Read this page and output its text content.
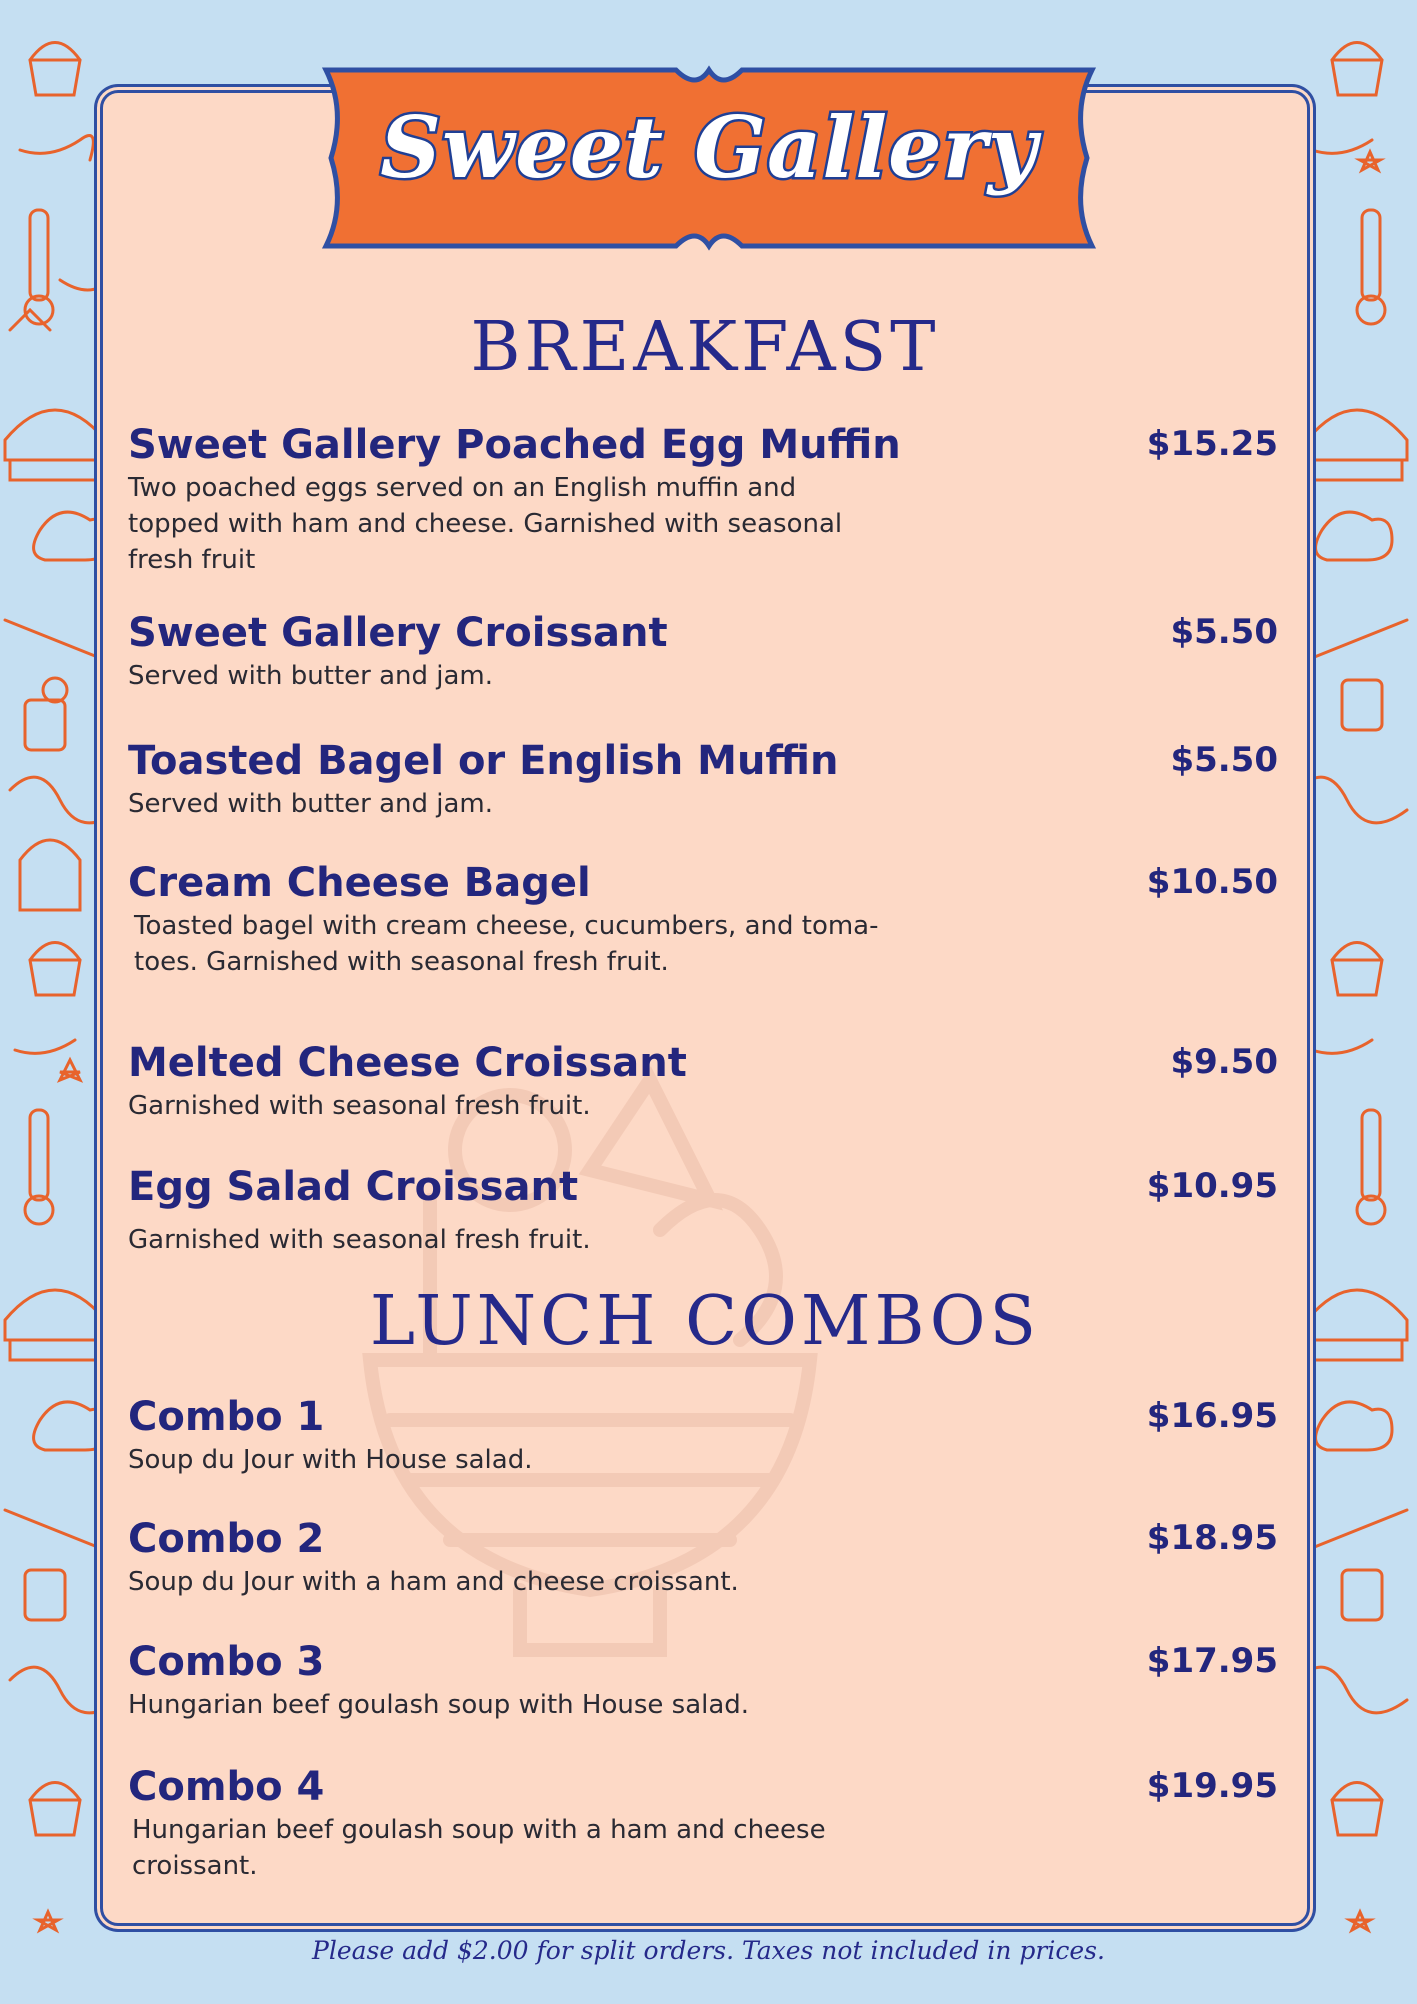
Sweet Gallery
BREAKFAST
Sweet Gallery Poached Egg Muffin	$15.25
Two poached eggs served on an English muffin and topped with ham and cheese. Garnished with seasonal fresh fruit
Sweet Gallery Croissant	$5.50
Served with butter and jam.
Toasted Bagel or English Muffin	$5.50
Served with butter and jam.
Cream Cheese Bagel	$10.50
Toasted bagel with cream cheese, cucumbers, and toma-toes. Garnished with seasonal fresh fruit.
Melted Cheese Croissant	$9.50
Garnished with seasonal fresh fruit.
Egg Salad Croissant	$10.95
Garnished with seasonal fresh fruit.
LUNCH COMBOS
Combo 1	$16.95
Soup du Jour with House salad.
Combo 2	$18.95
Soup du Jour with a ham and cheese croissant.
Combo 3	$17.95
Hungarian beef goulash soup with House salad.
Combo 4	$19.95
Hungarian beef goulash soup with a ham and cheese croissant.
Please add $2.00 for split orders. Taxes not included in prices.
